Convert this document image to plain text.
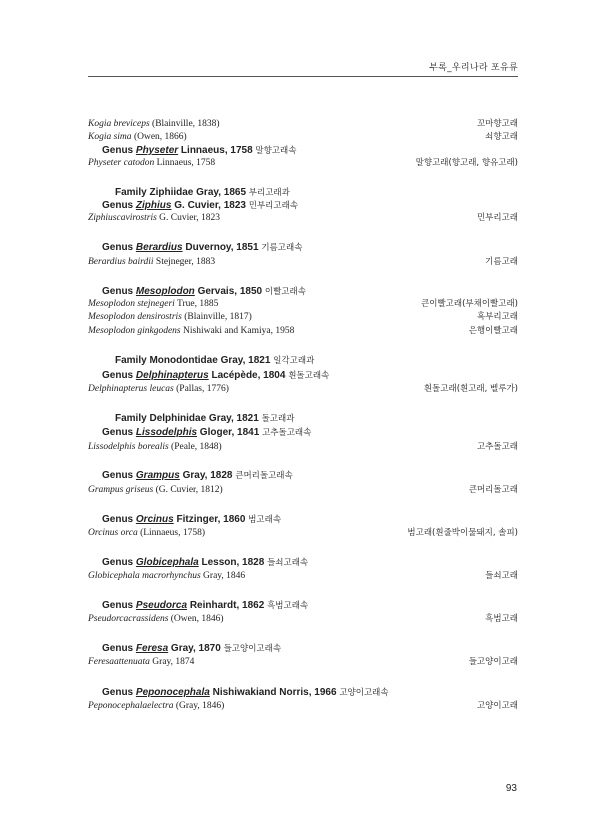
부록_우리나라 포유류
Kogia breviceps (Blainville, 1838)	꼬마향고래
Kogia sima (Owen, 1866)	쇠향고래
Genus Physeter Linnaeus, 1758 말향고래속
Physeter catodon Linnaeus, 1758	말향고래(향고래, 향유고래)
Family Ziphiidae Gray, 1865 부리고래과
Genus Ziphius G. Cuvier, 1823 민부리고래속
Ziphiuscavirostris G. Cuvier, 1823	민부리고래
Genus Berardius Duvernoy, 1851 기름고래속
Berardius bairdii Stejneger, 1883	기름고래
Genus Mesoplodon Gervais, 1850 이빨고래속
Mesoplodon stejnegeri True, 1885	큰이빨고래(부채이빨고래)
Mesoplodon densirostris (Blainville, 1817)	혹부리고래
Mesoplodon ginkgodens Nishiwaki and Kamiya, 1958	은행이빨고래
Family Monodontidae Gray, 1821 일각고래과
Genus Delphinapterus Lacépède, 1804 흰돌고래속
Delphinapterus leucas (Pallas, 1776)	흰돌고래(흰고래, 벨루가)
Family Delphinidae Gray, 1821 돌고래과
Genus Lissodelphis Gloger, 1841 고추돌고래속
Lissodelphis borealis (Peale, 1848)	고추돌고래
Genus Grampus Gray, 1828 큰머리돌고래속
Grampus griseus (G. Cuvier, 1812)	큰머리돌고래
Genus Orcinus Fitzinger, 1860 범고래속
Orcinus orca (Linnaeus, 1758)	범고래(흰줄박이물돼지, 솔피)
Genus Globicephala Lesson, 1828 들쇠고래속
Globicephala macrorhynchus Gray, 1846	들쇠고래
Genus Pseudorca Reinhardt, 1862 흑범고래속
Pseudorcacrassidens (Owen, 1846)	흑범고래
Genus Feresa Gray, 1870 들고양이고래속
Feresaattenuata Gray, 1874	들고양이고래
Genus Peponocephala Nishiwakiand Norris, 1966 고양이고래속
Peponocephalaelectra (Gray, 1846)	고양이고래
93
